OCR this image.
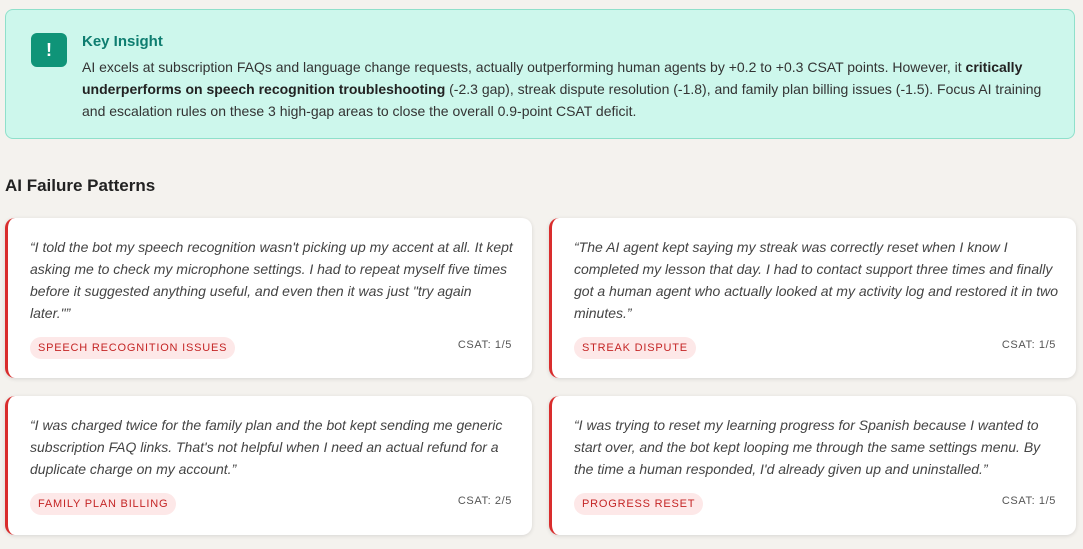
!	Key Insight
AI excels at subscription FAQs and language change requests, actually outperforming human agents by +0.2 to +0.3 CSAT points. However, it critically underperforms on speech recognition troubleshooting (-2.3 gap), streak dispute resolution (-1.8), and family plan billing issues (-1.5). Focus AI training and escalation rules on these 3 high-gap areas to close the overall 0.9-point CSAT deficit.
AI Failure Patterns
“I told the bot my speech recognition wasn't picking up my accent at all. It kept asking me to check my microphone settings. I had to repeat myself five times before it suggested anything useful, and even then it was just "try again later."”
SPEECH RECOGNITION ISSUES	CSAT: 1/5
“The AI agent kept saying my streak was correctly reset when I know I completed my lesson that day. I had to contact support three times and finally got a human agent who actually looked at my activity log and restored it in two minutes.”
STREAK DISPUTE	CSAT: 1/5
“I was charged twice for the family plan and the bot kept sending me generic subscription FAQ links. That's not helpful when I need an actual refund for a duplicate charge on my account.”
FAMILY PLAN BILLING	CSAT: 2/5
“I was trying to reset my learning progress for Spanish because I wanted to start over, and the bot kept looping me through the same settings menu. By the time a human responded, I'd already given up and uninstalled.”
PROGRESS RESET	CSAT: 1/5
